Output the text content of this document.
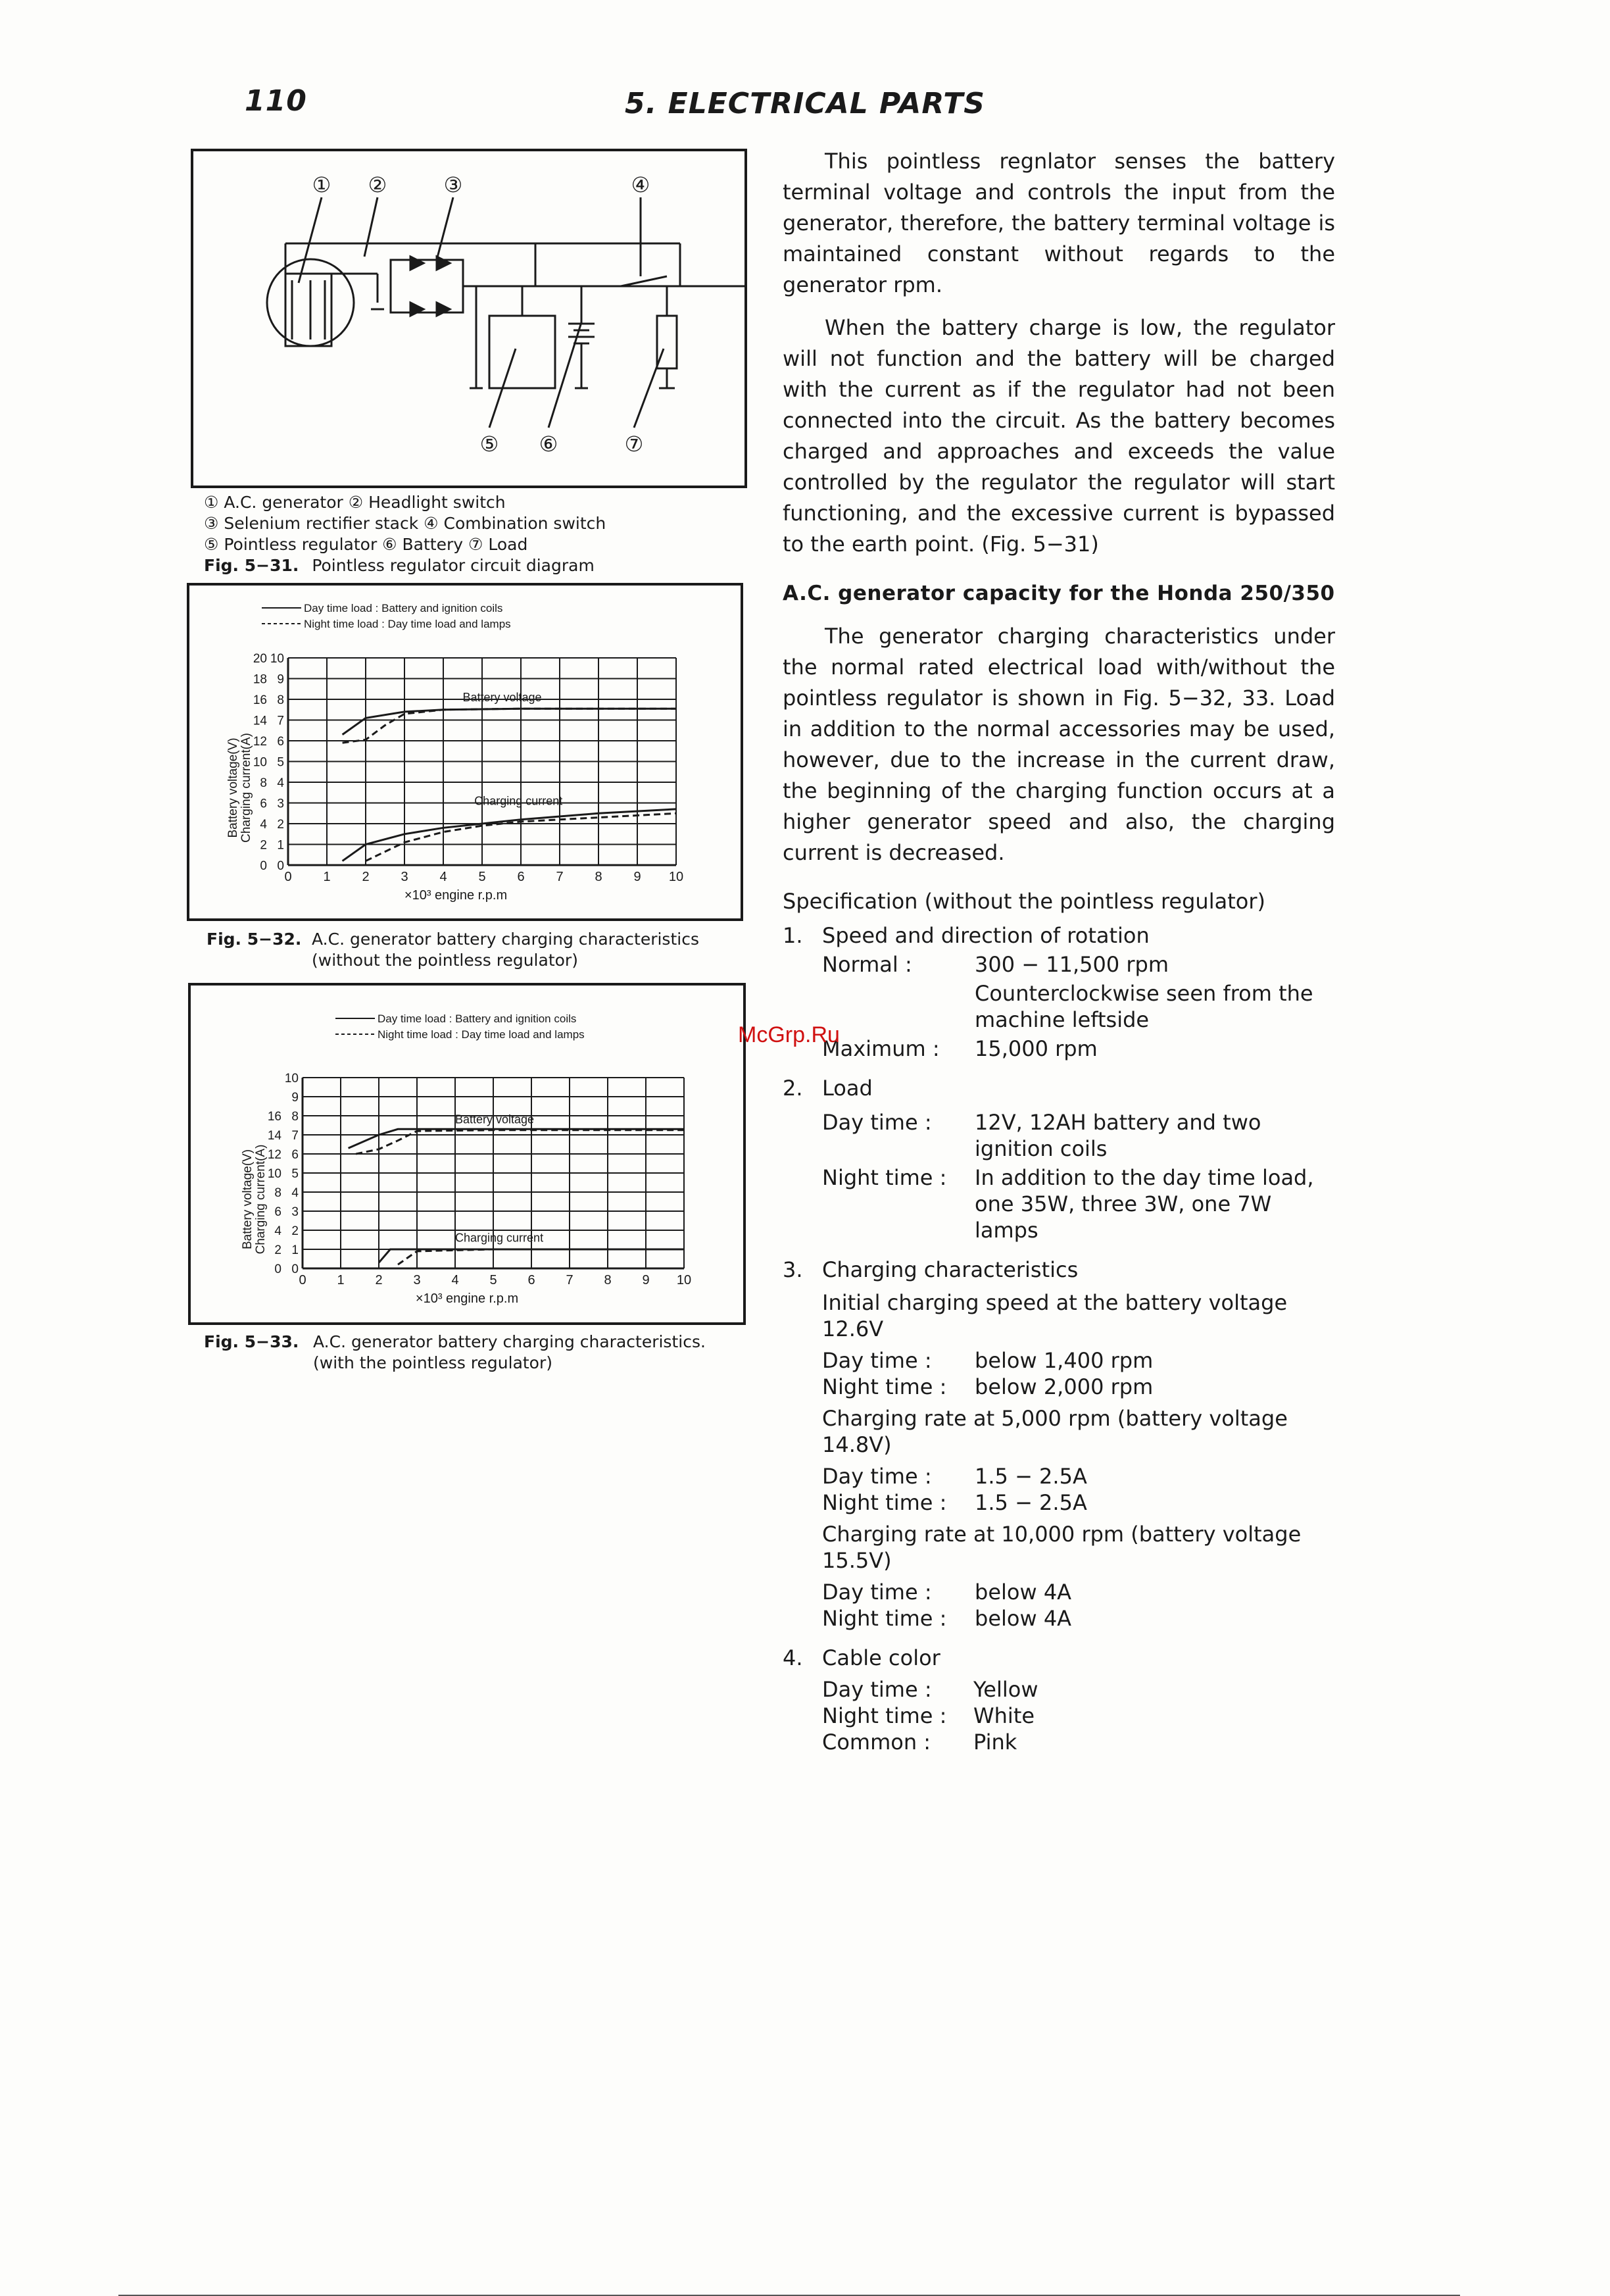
110	5. ELECTRICAL PARTS
① ②	③	④
⑤ ⑥	⑦
① A.C. generator ② Headlight switch
③ Selenium rectifier stack ④ Combination switch
⑤ Pointless regulator ⑥ Battery ⑦ Load
Fig. 5−31. Pointless regulator circuit diagram
Day time load : Battery and ignition coils
Night time load : Day time load and lamps
0 1 2 3 4 5 6 7 8 9 10
0
1
2
3
4
5
6
7
8
9
10
0
2
4
6
8
10
12
14
16
18
20
×10³ engine r.p.m
Battery voltage(V) Charging current(A)
Battery voltage
Charging current
Fig. 5−32. A.C. generator battery charging characteristics
(without the pointless regulator)
Day time load : Battery and ignition coils
Night time load : Day time load and lamps
0 1 2 3 4 5 6 7 8 9 10
0
1
2
3
4
5
6
7
8
9
10
0
2
4
6
8
10
12
14
16
×10³ engine r.p.m
Battery voltage(V) Charging current(A)
Battery voltage
Charging current
Fig. 5−33. A.C. generator battery charging characteristics.
(with the pointless regulator)

This pointless regnlator senses the battery terminal voltage and controls the input from the generator, therefore, the battery terminal voltage is maintained constant without regards to the generator rpm.

When the battery charge is low, the regulator will not function and the battery will be charged with the current as if the regulator had not been connected into the circuit. As the battery becomes charged and approaches and exceeds the value controlled by the regulator the regulator will start functioning, and the excessive current is bypassed to the earth point. (Fig. 5−31)

A.C. generator capacity for the Honda 250/350

The generator charging characteristics under the normal rated electrical load with/without the pointless regulator is shown in Fig. 5−32, 33. Load in addition to the normal accessories may be used, however, due to the increase in the current draw, the beginning of the charging function occurs at a higher generator speed and also, the charging current is decreased.

Specification (without the pointless regulator)
1. Speed and direction of rotation
Normal :	300 − 11,500 rpm
Counterclockwise seen from the
machine leftside
Maximum : 15,000 rpm
2. Load
Day time : 12V, 12AH battery and two
ignition coils
Night time : In addition to the day time load,
one 35W, three 3W, one 7W
lamps
3. Charging characteristics
Initial charging speed at the battery voltage
12.6V
Day time : below 1,400 rpm
Night time : below 2,000 rpm
Charging rate at 5,000 rpm (battery voltage
14.8V)
Day time : 1.5 − 2.5A
Night time : 1.5 − 2.5A
Charging rate at 10,000 rpm (battery voltage
15.5V)
Day time : below 4A
Night time : below 4A
4. Cable color
Day time : Yellow
Night time : White
Common : Pink
McGrp.Ru
